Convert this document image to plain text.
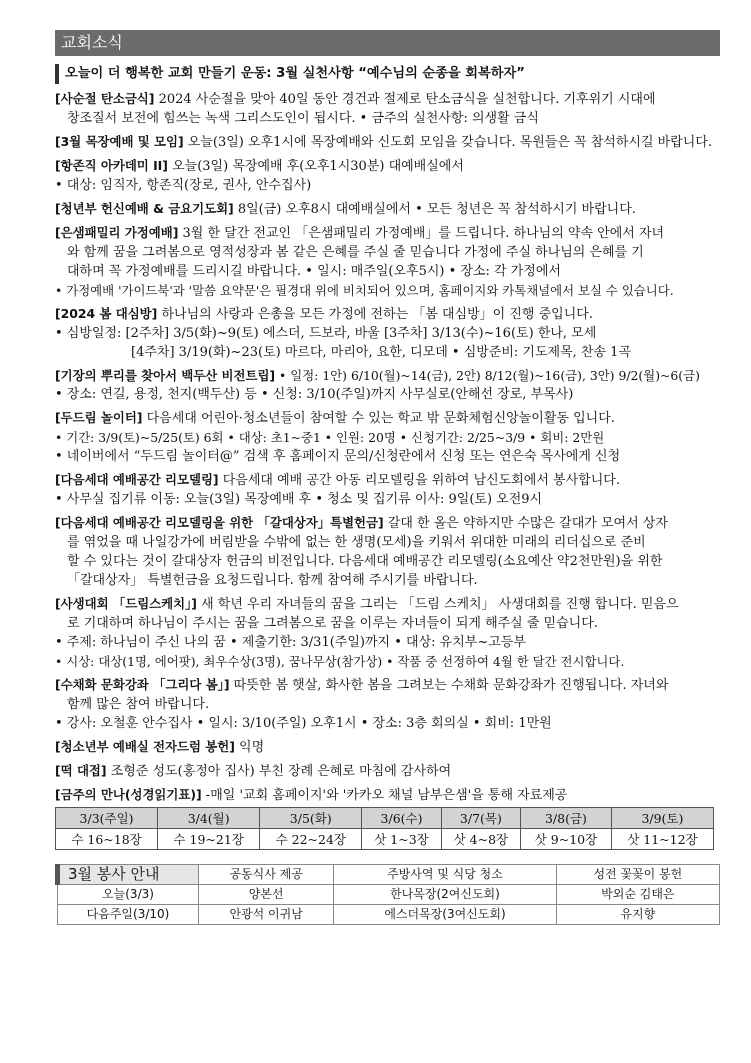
교회소식
오늘이 더 행복한 교회 만들기 운동: 3월 실천사항 “예수님의 순종을 회복하자”
[사순절 탄소금식] 2024 사순절을 맞아 40일 동안 경건과 절제로 탄소금식을 실천합니다. 기후위기 시대에
창조질서 보전에 힘쓰는 녹색 그리스도인이 됩시다. • 금주의 실천사항: 의생활 금식
[3월 목장예배 및 모임] 오늘(3일) 오후1시에 목장예배와 신도회 모임을 갖습니다. 목원들은 꼭 참석하시길 바랍니다.
[항존직 아카데미 II] 오늘(3일) 목장예배 후(오후1시30분) 대예배실에서
• 대상: 임직자, 항존직(장로, 권사, 안수집사)
[청년부 헌신예배 & 금요기도회] 8일(금) 오후8시 대예배실에서 • 모든 청년은 꼭 참석하시기 바랍니다.
[은샘패밀리 가정예배] 3월 한 달간 전교인 「은샘패밀리 가정예배」를 드립니다. 하나님의 약속 안에서 자녀
와 함께 꿈을 그려봄으로 영적성장과 봄 같은 은혜를 주실 줄 믿습니다 가정에 주실 하나님의 은혜를 기
대하며 꼭 가정예배를 드리시길 바랍니다. • 일시: 매주일(오후5시) • 장소: 각 가정에서
• 가정예배 '가이드북'과 '말씀 요약문'은 필경대 위에 비치되어 있으며, 홈페이지와 카톡채널에서 보실 수 있습니다.
[2024 봄 대심방] 하나님의 사랑과 은총을 모든 가정에 전하는 「봄 대심방」이 진행 중입니다.
• 심방일정: [2주차] 3/5(화)~9(토) 에스더, 드보라, 바울 [3주차] 3/13(수)~16(토) 한나, 모세
[4주차] 3/19(화)~23(토) 마르다, 마리아, 요한, 디모데 • 심방준비: 기도제목, 찬송 1곡
[기장의 뿌리를 찾아서 백두산 비전트립] • 일정: 1안) 6/10(월)~14(금), 2안) 8/12(월)~16(금), 3안) 9/2(월)~6(금)
• 장소: 연길, 용정, 천지(백두산) 등 • 신청: 3/10(주일)까지 사무실로(안해선 장로, 부목사)
[두드림 놀이터] 다음세대 어린아·청소년들이 참여할 수 있는 학교 밖 문화체험신앙놀이활동 입니다.
• 기간: 3/9(토)~5/25(토) 6회 • 대상: 초1~중1 • 인원: 20명 • 신청기간: 2/25~3/9 • 회비: 2만원
• 네이버에서 “두드림 놀이터@” 검색 후 홈페이지 문의/신청란에서 신청 또는 연은숙 목사에게 신청
[다음세대 예배공간 리모델링] 다음세대 예배 공간 아동 리모델링을 위하여 남신도회에서 봉사합니다.
• 사무실 집기류 이동: 오늘(3일) 목장예배 후 • 청소 및 집기류 이사: 9일(토) 오전9시
[다음세대 예배공간 리모델링을 위한 「갈대상자」특별헌금] 갈대 한 올은 약하지만 수많은 갈대가 모여서 상자
를 엮었을 때 나일강가에 버림받을 수밖에 없는 한 생명(모세)을 키워서 위대한 미래의 리더십으로 준비
할 수 있다는 것이 갈대상자 헌금의 비전입니다. 다음세대 예배공간 리모델링(소요예산 약2천만원)을 위한
「갈대상자」 특별헌금을 요청드립니다. 함께 참여해 주시기를 바랍니다.
[사생대회 「드림스케치」] 새 학년 우리 자녀들의 꿈을 그리는 「드림 스케치」 사생대회를 진행 합니다. 믿음으
로 기대하며 하나님이 주시는 꿈을 그려봄으로 꿈을 이루는 자녀들이 되게 해주실 줄 믿습니다.
• 주제: 하나님이 주신 나의 꿈 • 제출기한: 3/31(주일)까지 • 대상: 유치부~고등부
• 시상: 대상(1명, 에어팟), 최우수상(3명), 꿈나무상(참가상) • 작품 중 선정하여 4월 한 달간 전시합니다.
[수채화 문화강좌 「그리다 봄」] 따뜻한 봄 햇살, 화사한 봄을 그려보는 수채화 문화강좌가 진행됩니다. 자녀와
함께 많은 참여 바랍니다.
• 강사: 오철훈 안수집사 • 일시: 3/10(주일) 오후1시 • 장소: 3층 회의실 • 회비: 1만원
[청소년부 예배실 전자드럼 봉헌] 익명
[떡 대접] 조형준 성도(홍정아 집사) 부친 장례 은혜로 마침에 감사하여
[금주의 만나(성경읽기표)] -매일 '교회 홈페이지'와 '카카오 채널 남부은샘'을 통해 자료제공
3/3(주일)	3/4(월)	3/5(화)	3/6(수)	3/7(목)	3/8(금)	3/9(토)
수 16~18장	수 19~21장	수 22~24장	삿 1~3장	삿 4~8장	삿 9~10장	삿 11~12장
3월 봉사 안내	공동식사 제공	주방사역 및 식당 청소	성전 꽃꽂이 봉헌
오늘(3/3)	양본선	한나목장(2여신도회)	박외순 김태은
다음주일(3/10)	안광석 이귀남	에스더목장(3여신도회)	유지향
